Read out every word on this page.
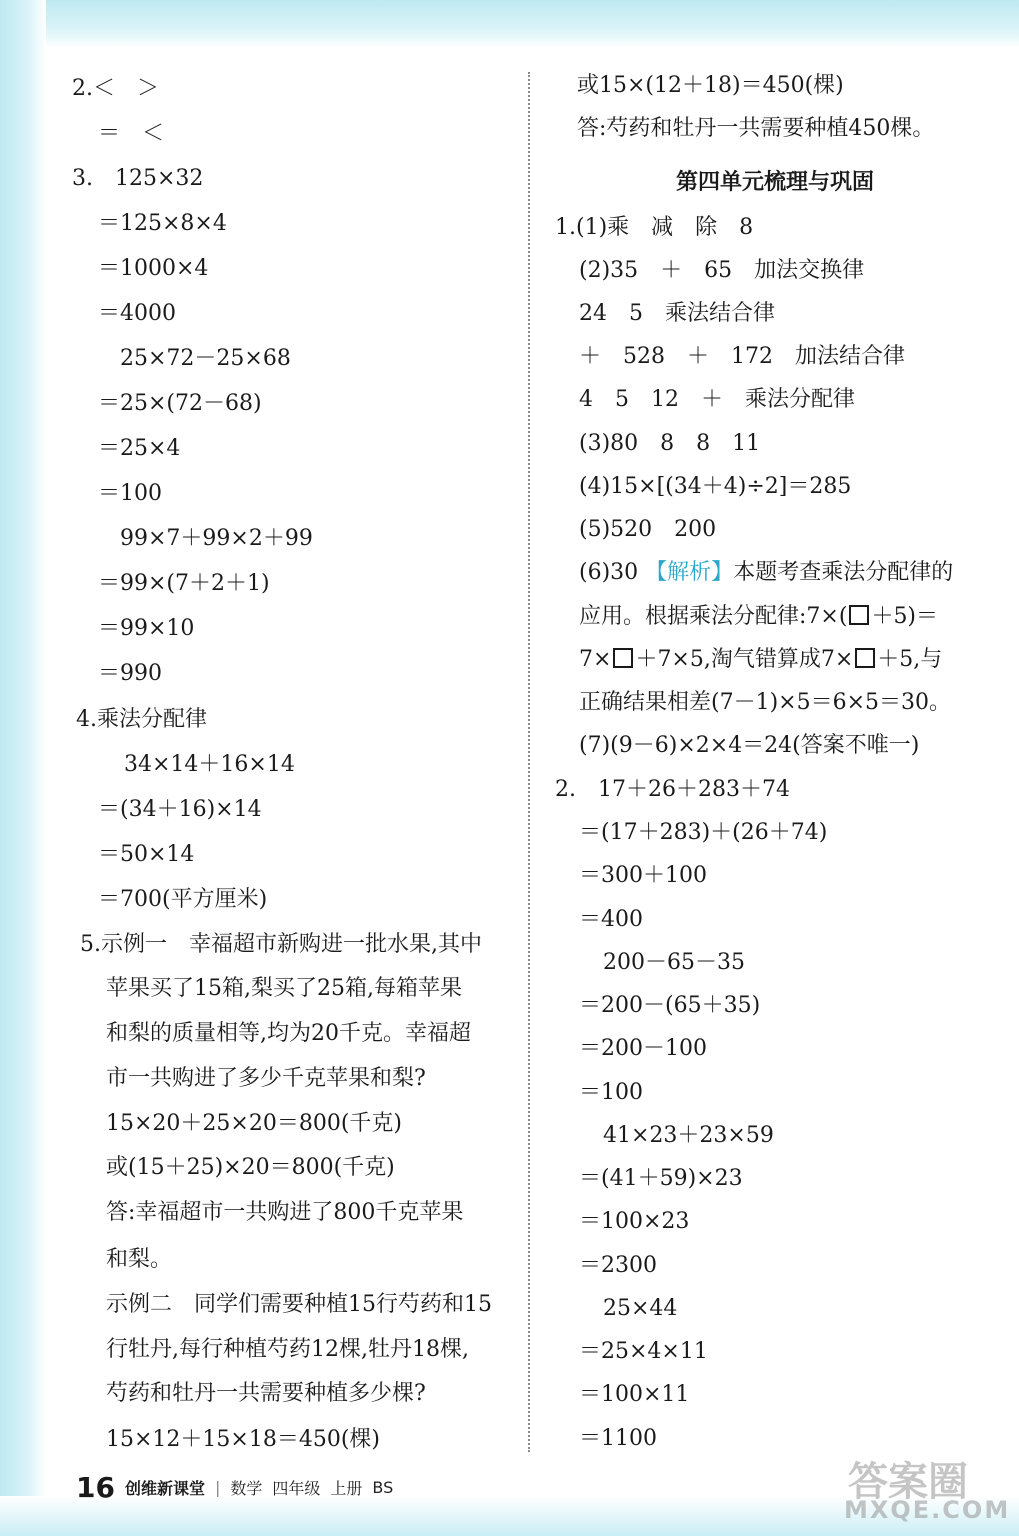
2.＜　＞
＝　＜
3.　125×32
＝125×8×4
＝1000×4
＝4000
25×72－25×68
＝25×(72－68)
＝25×4
＝100
99×7＋99×2＋99
＝99×(7＋2＋1)
＝99×10
＝990
4.乘法分配律
34×14＋16×14
＝(34＋16)×14
＝50×14
＝700(平方厘米)
5.示例一　幸福超市新购进一批水果,其中
苹果买了15箱,梨买了25箱,每箱苹果
和梨的质量相等,均为20千克。幸福超
市一共购进了多少千克苹果和梨?
15×20＋25×20＝800(千克)
或(15＋25)×20＝800(千克)
答:幸福超市一共购进了800千克苹果
和梨。
示例二　同学们需要种植15行芍药和15
行牡丹,每行种植芍药12棵,牡丹18棵,
芍药和牡丹一共需要种植多少棵?
15×12＋15×18＝450(棵)
或15×(12＋18)＝450(棵)
答:芍药和牡丹一共需要种植450棵。
第四单元梳理与巩固
1.(1)乘　减　除　8
(2)35　＋　65　加法交换律
24　5　乘法结合律
＋　528　＋　172　加法结合律
4　5　12　＋　乘法分配律
(3)80　8　8　11
(4)15×[(34＋4)÷2]＝285
(5)520　200
(6)30 【解析】本题考查乘法分配律的
应用。根据乘法分配律:7×( ＋5)＝
7× ＋7×5,淘气错算成7× ＋5,与
正确结果相差(7－1)×5＝6×5＝30。
(7)(9－6)×2×4＝24(答案不唯一)
2.　17＋26＋283＋74
＝(17＋283)＋(26＋74)
＝300＋100
＝400
200－65－35
＝200－(65＋35)
＝200－100
＝100
41×23＋23×59
＝(41＋59)×23
＝100×23
＝2300
25×44
＝25×4×11
＝100×11
＝1100
16 创维新课堂 | 数学 四年级 上册 BS	答案圈
MXQE.COM
